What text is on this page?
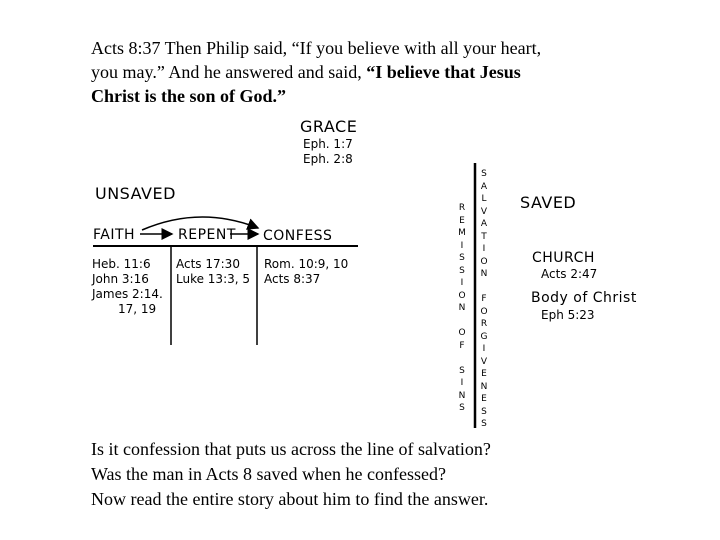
Acts 8:37 Then Philip said, “If you believe with all your heart,
you may.” And he answered and said, “I believe that Jesus
Christ is the son of God.”
GRACE
Eph. 1:7
Eph. 2:8
UNSAVED	SAVED
FAITH	REPENT CONFESS
Heb. 11:6
John 3:16
James 2:14.
17, 19
Acts 17:30
Luke 13:3, 5
Rom. 10:9, 10
Acts 8:37
CHURCH
Acts 2:47
Body of Christ
Eph 5:23
R
E
M
I
S
S
I
O
N

O
F

S
I
N
S
S
A
L
V
A
T
I
O
N

F
O
R
G
I
V
E
N
E
S
S
Is it confession that puts us across the line of salvation?
Was the man in Acts 8 saved when he confessed?
Now read the entire story about him to find the answer.
